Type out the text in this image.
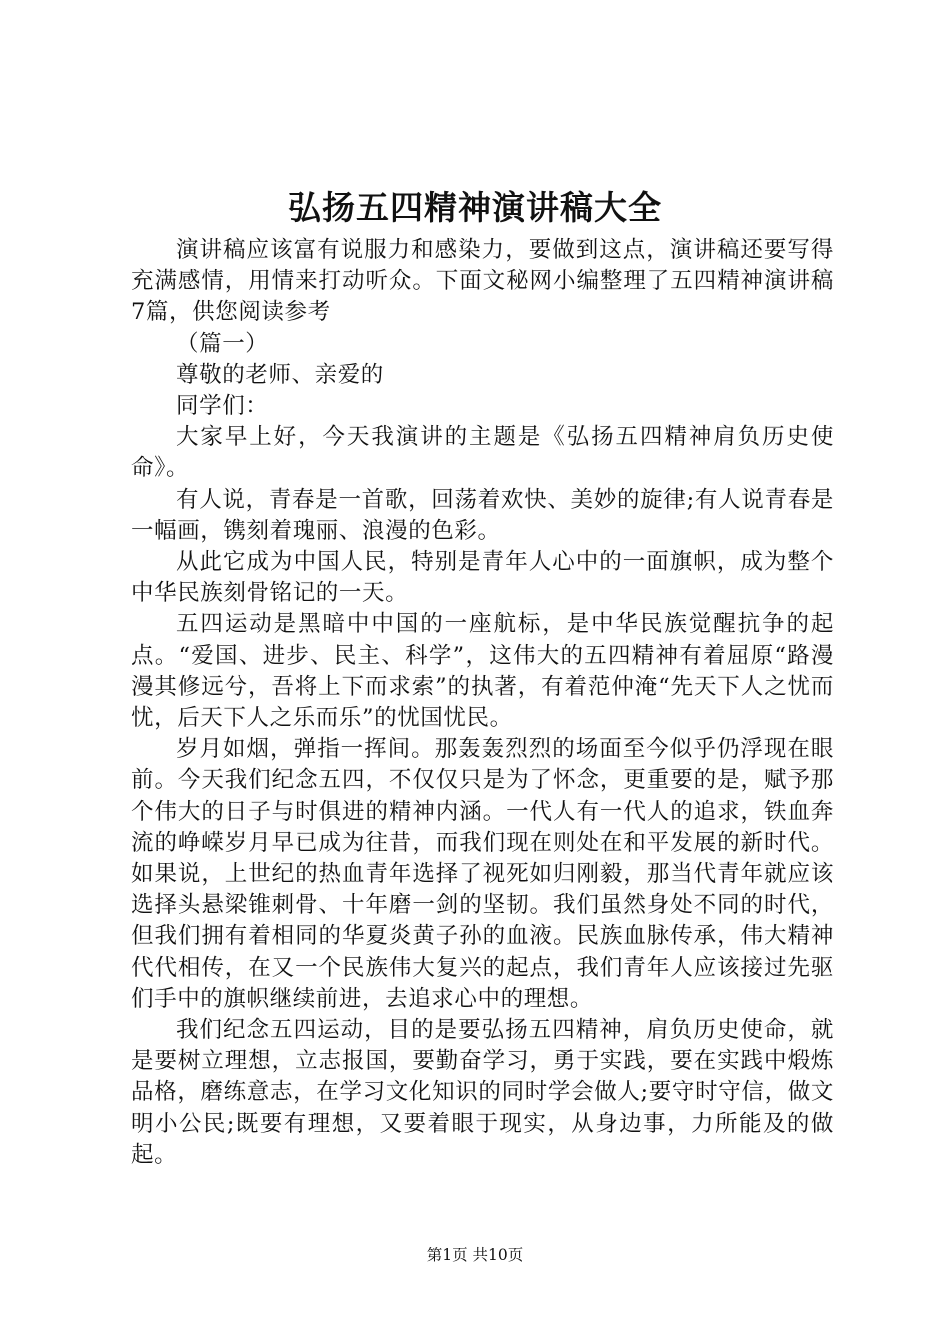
弘扬五四精神演讲稿大全

演讲稿应该富有说服力和感染力，要做到这点，演讲稿还要写得充满感情，用情来打动听众。下面文秘网小编整理了五四精神演讲稿7篇，供您阅读参考

（篇一）

尊敬的老师、亲爱的

同学们：

大家早上好，今天我演讲的主题是《弘扬五四精神肩负历史使命》。

有人说，青春是一首歌，回荡着欢快、美妙的旋律;有人说青春是一幅画，镌刻着瑰丽、浪漫的色彩。

从此它成为中国人民，特别是青年人心中的一面旗帜，成为整个中华民族刻骨铭记的一天。

五四运动是黑暗中中国的一座航标，是中华民族觉醒抗争的起点。“爱国、进步、民主、科学”，这伟大的五四精神有着屈原“路漫漫其修远兮，吾将上下而求索”的执著，有着范仲淹“先天下人之忧而忧，后天下人之乐而乐”的忧国忧民。

岁月如烟，弹指一挥间。那轰轰烈烈的场面至今似乎仍浮现在眼前。今天我们纪念五四，不仅仅只是为了怀念，更重要的是，赋予那个伟大的日子与时俱进的精神内涵。一代人有一代人的追求，铁血奔流的峥嵘岁月早已成为往昔，而我们现在则处在和平发展的新时代。如果说，上世纪的热血青年选择了视死如归刚毅，那当代青年就应该选择头悬梁锥刺骨、十年磨一剑的坚韧。我们虽然身处不同的时代，但我们拥有着相同的华夏炎黄子孙的血液。民族血脉传承，伟大精神代代相传，在又一个民族伟大复兴的起点，我们青年人应该接过先驱们手中的旗帜继续前进，去追求心中的理想。

我们纪念五四运动，目的是要弘扬五四精神，肩负历史使命，就是要树立理想，立志报国，要勤奋学习，勇于实践，要在实践中煅炼品格，磨练意志，在学习文化知识的同时学会做人;要守时守信，做文明小公民;既要有理想，又要着眼于现实，从身边事，力所能及的做起。

第1页 共10页
